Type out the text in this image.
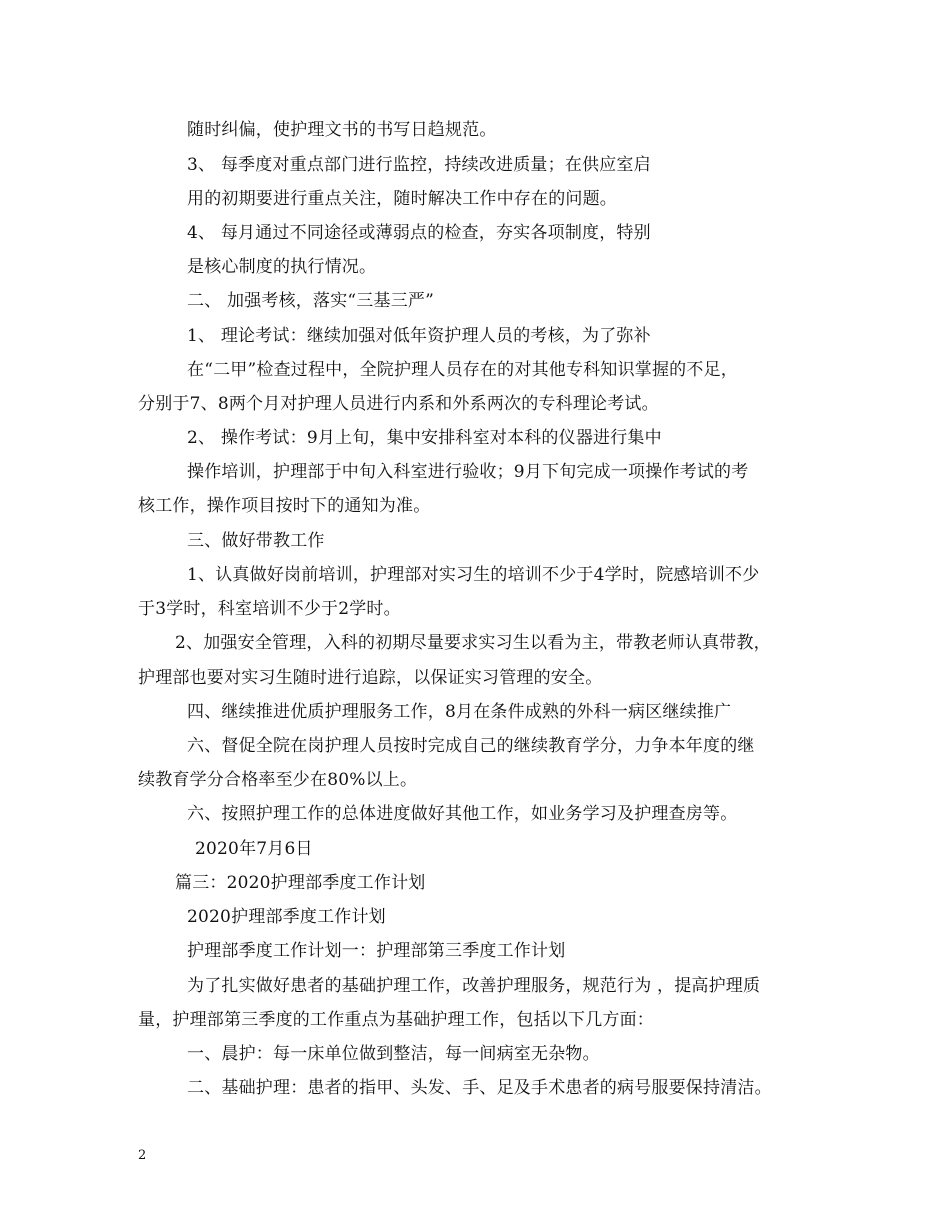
随时纠偏，使护理文书的书写日趋规范。
3、 每季度对重点部门进行监控，持续改进质量；在供应室启
用的初期要进行重点关注，随时解决工作中存在的问题。
4、 每月通过不同途径或薄弱点的检查，夯实各项制度，特别
是核心制度的执行情况。
二、 加强考核，落实“三基三严”
1、 理论考试：继续加强对低年资护理人员的考核，为了弥补
在“二甲”检查过程中，全院护理人员存在的对其他专科知识掌握的不足，
分别于7、8两个月对护理人员进行内系和外系两次的专科理论考试。
2、 操作考试：9月上旬，集中安排科室对本科的仪器进行集中
操作培训，护理部于中旬入科室进行验收；9月下旬完成一项操作考试的考
核工作，操作项目按时下的通知为准。
三、做好带教工作
1、认真做好岗前培训，护理部对实习生的培训不少于4学时，院感培训不少
于3学时，科室培训不少于2学时。
2、加强安全管理，入科的初期尽量要求实习生以看为主，带教老师认真带教，
护理部也要对实习生随时进行追踪，以保证实习管理的安全。
四、继续推进优质护理服务工作，8月在条件成熟的外科一病区继续推广
六、督促全院在岗护理人员按时完成自己的继续教育学分，力争本年度的继
续教育学分合格率至少在80%以上。
六、按照护理工作的总体进度做好其他工作，如业务学习及护理查房等。
2020年7月6日
篇三：2020护理部季度工作计划
2020护理部季度工作计划
护理部季度工作计划一：护理部第三季度工作计划
为了扎实做好患者的基础护理工作，改善护理服务，规范行为 ，提高护理质
量，护理部第三季度的工作重点为基础护理工作，包括以下几方面：
一、晨护：每一床单位做到整洁，每一间病室无杂物。
二、基础护理：患者的指甲、头发、手、足及手术患者的病号服要保持清洁。
2
